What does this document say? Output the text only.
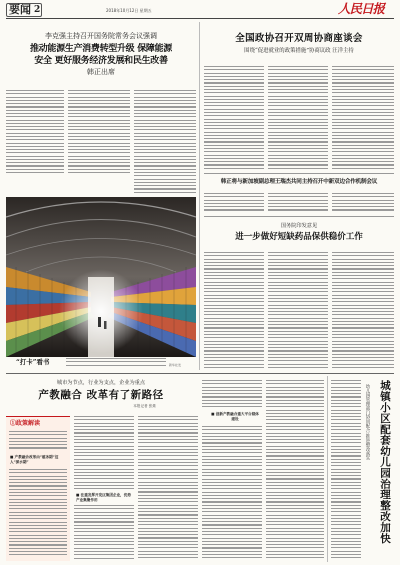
要闻 2	2018年10月12日 星期五	人民日报
李克强主持召开国务院常务会议强调
推动能源生产消费转型升级 保障能源
安全 更好服务经济发展和民生改善
韩正出席
“打卡”看书	新华社发
全国政协召开双周协商座谈会
围绕“促进就业的政策措施”协商议政 汪洋主持
韩正将与新加坡副总理王瑞杰共同主持召开中新双边合作机制会议
国务院印发意见
进一步做好短缺药品保供稳价工作
城市为节点，行业为支点，企业为重点
产教融合 改革有了新路径
本报记者 张烁
①政策解读
■ 产教融合改革由“破冰期”迈入“深水期”
■ 注重发挥开发区集团企业，优势产业集聚作用
■ 创新产教融合重大平台载体建设	幼儿园管理部门协同配合 推进整改落实 城镇小区配套幼儿园治理整改加快
